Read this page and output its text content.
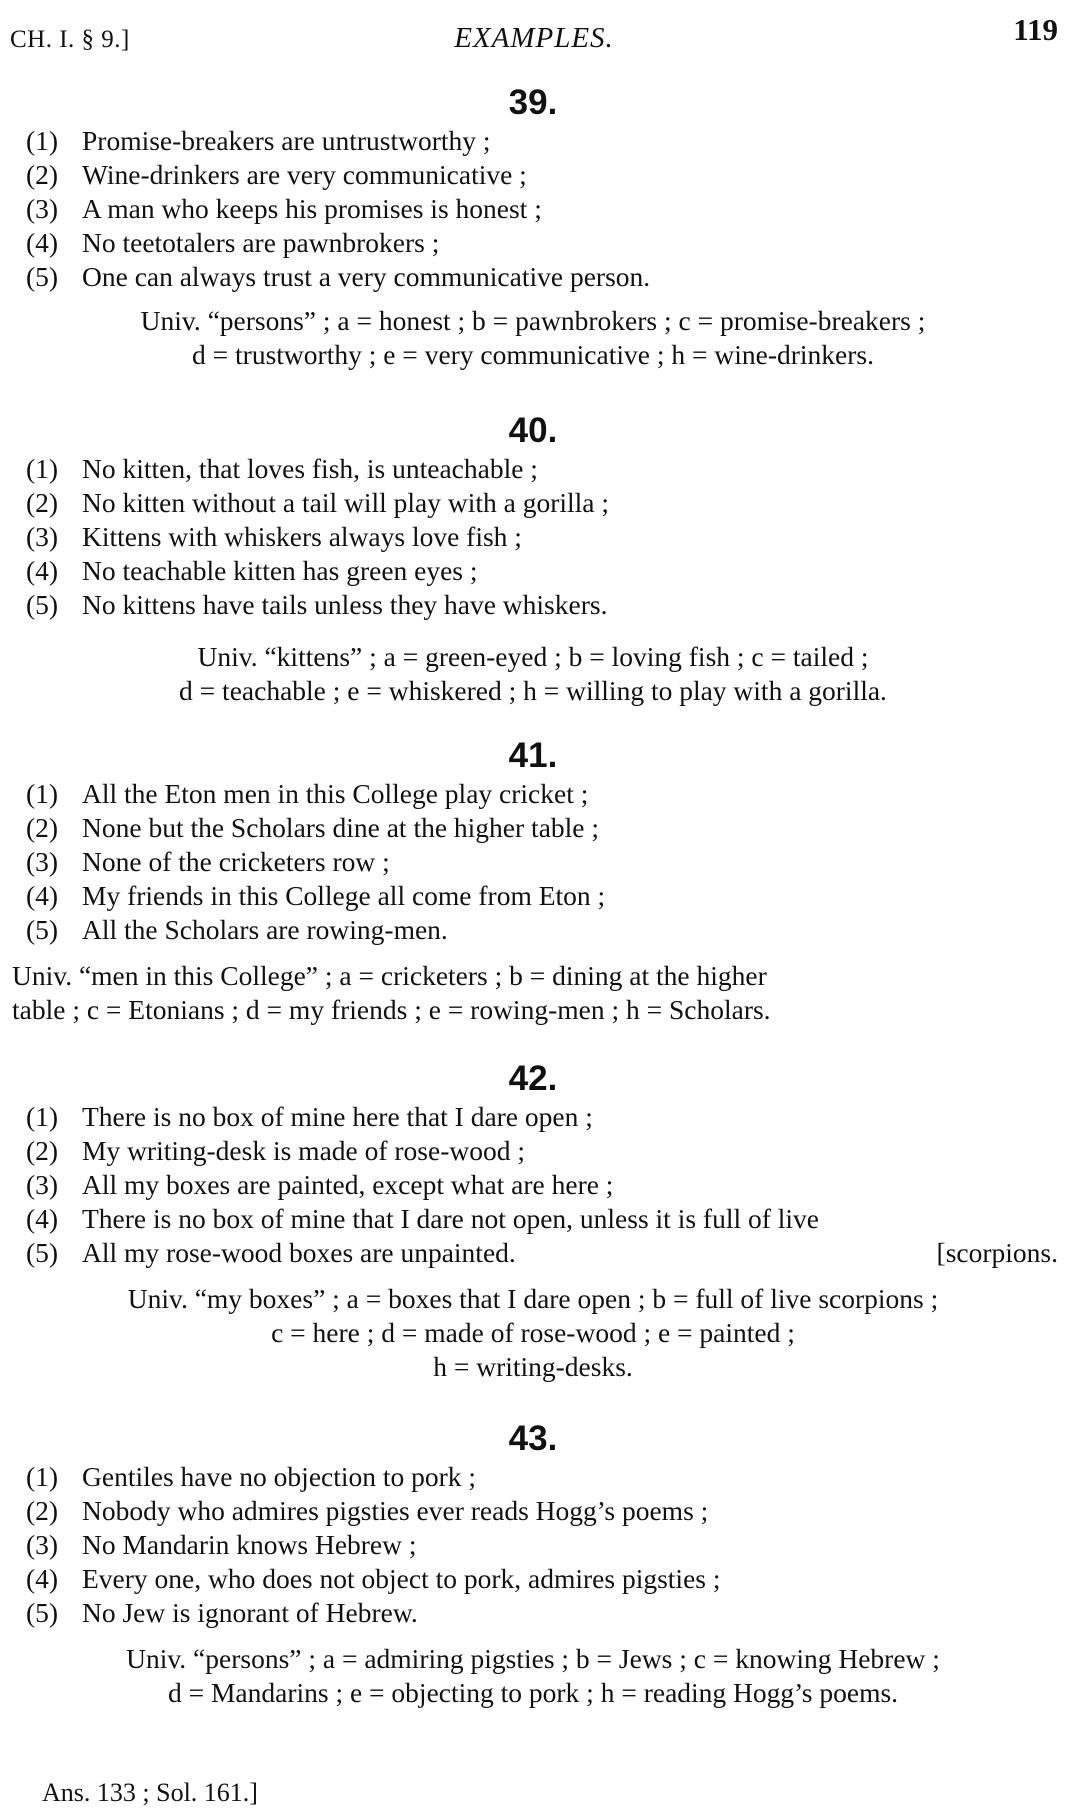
CH. I. § 9.]	EXAMPLES.	119
39.
(1) Promise-breakers are untrustworthy ;
(2) Wine-drinkers are very communicative ;
(3) A man who keeps his promises is honest ;
(4) No teetotalers are pawnbrokers ;
(5) One can always trust a very communicative person.
Univ. “persons” ; a = honest ; b = pawnbrokers ; c = promise-breakers ;
d = trustworthy ; e = very communicative ; h = wine-drinkers.
40.
(1) No kitten, that loves fish, is unteachable ;
(2) No kitten without a tail will play with a gorilla ;
(3) Kittens with whiskers always love fish ;
(4) No teachable kitten has green eyes ;
(5) No kittens have tails unless they have whiskers.
Univ. “kittens” ; a = green-eyed ; b = loving fish ; c = tailed ;
d = teachable ; e = whiskered ; h = willing to play with a gorilla.
41.
(1) All the Eton men in this College play cricket ;
(2) None but the Scholars dine at the higher table ;
(3) None of the cricketers row ;
(4) My friends in this College all come from Eton ;
(5) All the Scholars are rowing-men.
Univ. “men in this College” ; a = cricketers ; b = dining at the higher
table ; c = Etonians ; d = my friends ; e = rowing-men ; h = Scholars.
42.
(1) There is no box of mine here that I dare open ;
(2) My writing-desk is made of rose-wood ;
(3) All my boxes are painted, except what are here ;
(4) There is no box of mine that I dare not open, unless it is full of live
(5) All my rose-wood boxes are unpainted.	[scorpions.
Univ. “my boxes” ; a = boxes that I dare open ; b = full of live scorpions ;
c = here ; d = made of rose-wood ; e = painted ;
h = writing-desks.
43.
(1) Gentiles have no objection to pork ;
(2) Nobody who admires pigsties ever reads Hogg’s poems ;
(3) No Mandarin knows Hebrew ;
(4) Every one, who does not object to pork, admires pigsties ;
(5) No Jew is ignorant of Hebrew.
Univ. “persons” ; a = admiring pigsties ; b = Jews ; c = knowing Hebrew ;
d = Mandarins ; e = objecting to pork ; h = reading Hogg’s poems.
Ans. 133 ; Sol. 161.]
